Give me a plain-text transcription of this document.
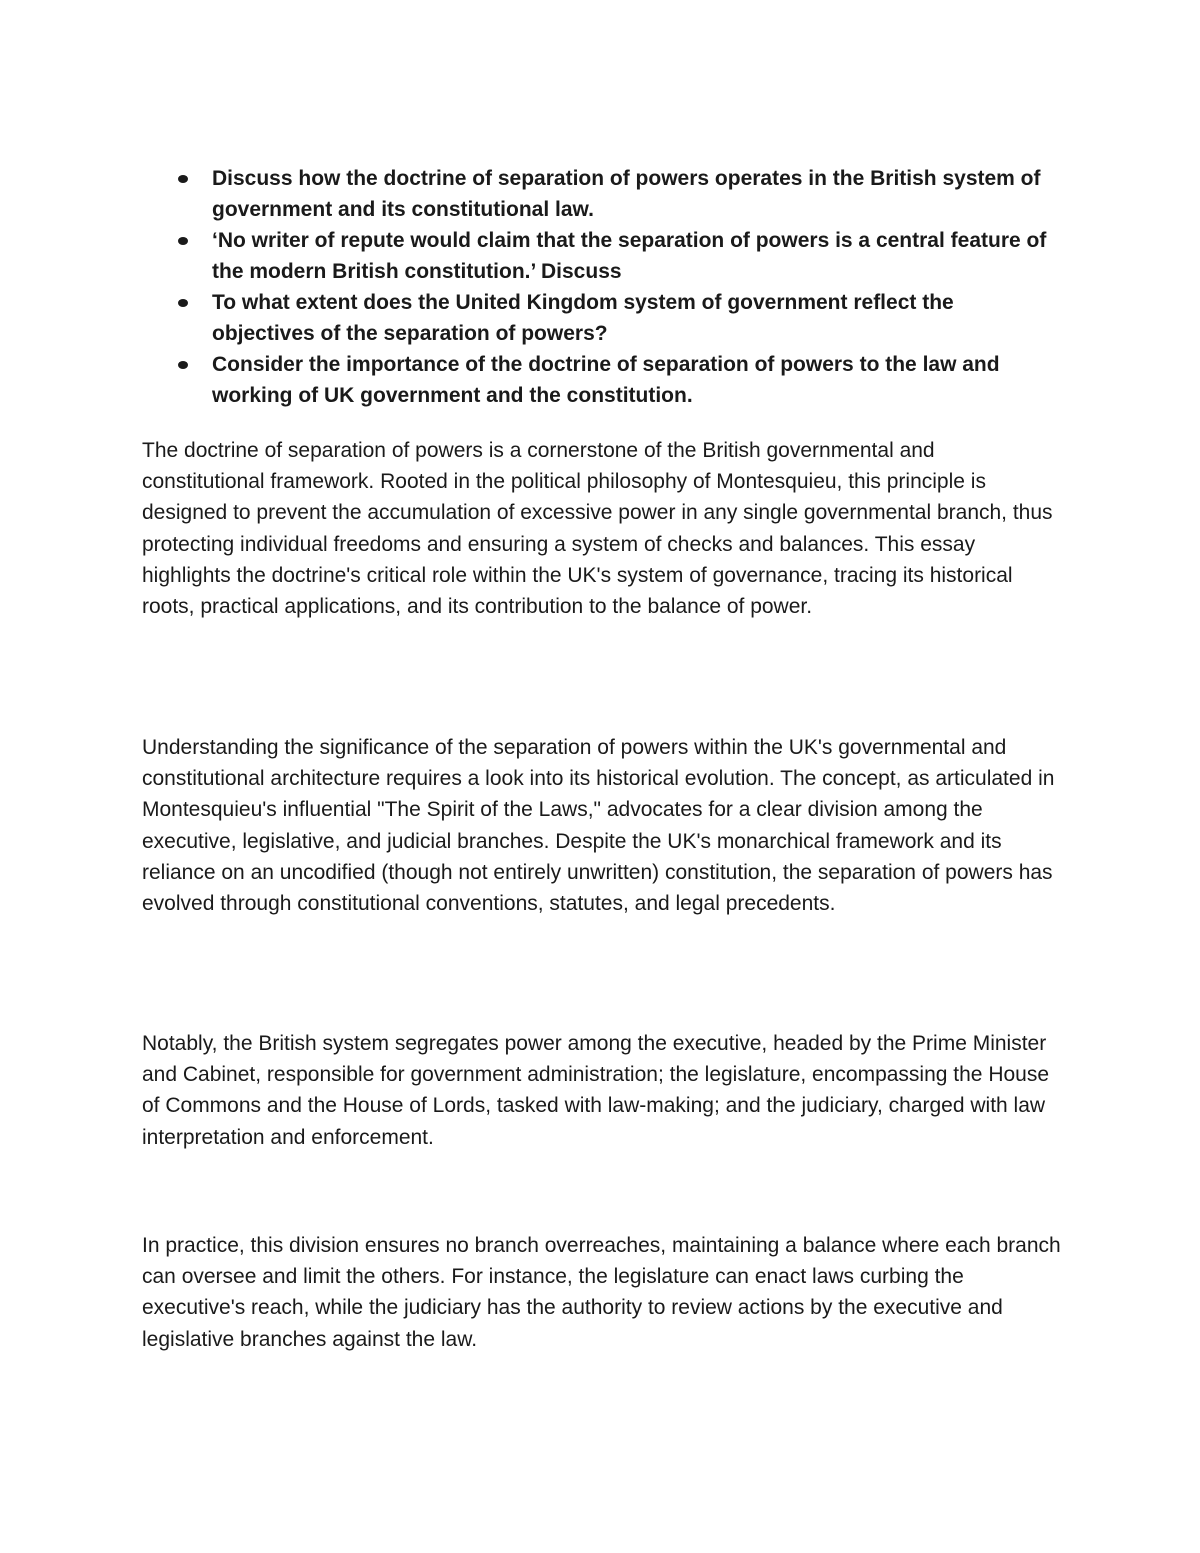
Discuss how the doctrine of separation of powers operates in the British system of government and its constitutional law.
‘No writer of repute would claim that the separation of powers is a central feature of the modern British constitution.’ Discuss
To what extent does the United Kingdom system of government reflect the objectives of the separation of powers?
Consider the importance of the doctrine of separation of powers to the law and working of UK government and the constitution.

The doctrine of separation of powers is a cornerstone of the British governmental and constitutional framework. Rooted in the political philosophy of Montesquieu, this principle is designed to prevent the accumulation of excessive power in any single governmental branch, thus protecting individual freedoms and ensuring a system of checks and balances. This essay highlights the doctrine's critical role within the UK's system of governance, tracing its historical roots, practical applications, and its contribution to the balance of power.

Understanding the significance of the separation of powers within the UK's governmental and constitutional architecture requires a look into its historical evolution. The concept, as articulated in Montesquieu's influential "The Spirit of the Laws," advocates for a clear division among the executive, legislative, and judicial branches. Despite the UK's monarchical framework and its reliance on an uncodified (though not entirely unwritten) constitution, the separation of powers has evolved through constitutional conventions, statutes, and legal precedents.

Notably, the British system segregates power among the executive, headed by the Prime Minister and Cabinet, responsible for government administration; the legislature, encompassing the House of Commons and the House of Lords, tasked with law-making; and the judiciary, charged with law interpretation and enforcement.

In practice, this division ensures no branch overreaches, maintaining a balance where each branch can oversee and limit the others. For instance, the legislature can enact laws curbing the executive's reach, while the judiciary has the authority to review actions by the executive and legislative branches against the law.
